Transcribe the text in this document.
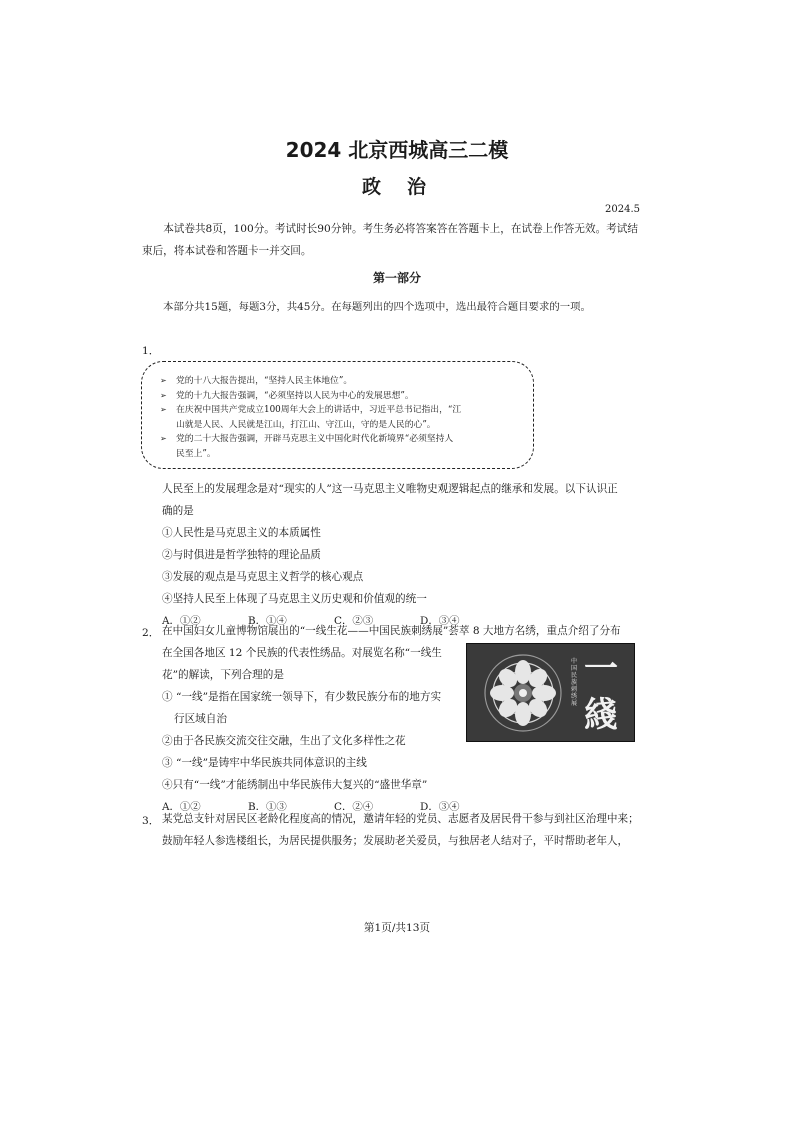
2024 北京西城高三二模
政治
2024.5

本试卷共8页，100分。考试时长90分钟。考生务必将答案答在答题卡上，在试卷上作答无效。考试结

束后，将本试卷和答题卡一并交回。

第一部分
本部分共15题，每题3分，共45分。在每题列出的四个选项中，选出最符合题目要求的一项。
1．
➢ 党的十八大报告提出，“坚持人民主体地位”。
➢ 党的十九大报告强调，“必须坚持以人民为中心的发展思想”。
➢ 在庆祝中国共产党成立100周年大会上的讲话中，习近平总书记指出，“江
山就是人民、人民就是江山，打江山、守江山，守的是人民的心”。
➢ 党的二十大报告强调，开辟马克思主义中国化时代化新境界“必须坚持人
民至上”。
人民至上的发展理念是对“现实的人”这一马克思主义唯物史观逻辑起点的继承和发展。以下认识正
确的是
①人民性是马克思主义的本质属性
②与时俱进是哲学独特的理论品质
③发展的观点是马克思主义哲学的核心观点
④坚持人民至上体现了马克思主义历史观和价值观的统一
A．①②	B．①④	C．②③	D．③④
2． 在中国妇女儿童博物馆展出的“一线生花——中国民族刺绣展”荟萃 8 大地方名绣，重点介绍了分布
在全国各地区 12 个民族的代表性绣品。对展览名称“一线生
花”的解读，下列合理的是
① “一线”是指在国家统一领导下，有少数民族分布的地方实
行区域自治
②由于各民族交流交往交融，生出了文化多样性之花
③ “一线”是铸牢中华民族共同体意识的主线
④只有“一线”才能绣制出中华民族伟大复兴的“盛世华章”
A．①②	B．①③	C．②④	D．③④
中国民族刺绣展
一綫
3． 某党总支针对居民区老龄化程度高的情况，邀请年轻的党员、志愿者及居民骨干参与到社区治理中来；
鼓励年轻人参选楼组长，为居民提供服务；发展助老关爱员，与独居老人结对子，平时帮助老年人，
第1页/共13页
